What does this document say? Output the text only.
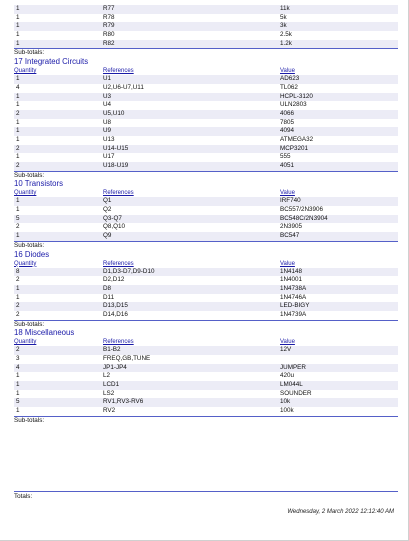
1	R77	11k
1	R78	5k
1	R79	3k
1	R80	2.5k
1	R82	1.2k
Sub-totals:
17 Integrated Circuits
Quantity	References	Value
1	U1	AD623
4	U2,U6-U7,U11	TL062
1	U3	HCPL-3120
1	U4	ULN2803
2	U5,U10	4066
1	U8	7805
1	U9	4094
1	U13	ATMEGA32
2	U14-U15	MCP3201
1	U17	555
2	U18-U19	4051
Sub-totals:
10 Transistors
Quantity	References	Value
1	Q1	IRF740
1	Q2	BC557/2N3906
5	Q3-Q7	BC548C/2N3904
2	Q8,Q10	2N3905
1	Q9	BC547
Sub-totals:
16 Diodes
Quantity	References	Value
8	D1,D3-D7,D9-D10	1N4148
2	D2,D12	1N4001
1	D8	1N4738A
1	D11	1N4746A
2	D13,D15	LED-BIGY
2	D14,D16	1N4739A
Sub-totals:
18 Miscellaneous
Quantity	References	Value
2	B1-B2	12V
3	FREQ,GB,TUNE
4	JP1-JP4	JUMPER
1	L2	420u
1	LCD1	LM044L
1	LS2	SOUNDER
5	RV1,RV3-RV6	10k
1	RV2	100k
Sub-totals:
Totals:
Wednesday, 2 March 2022 12:12:40 AM
